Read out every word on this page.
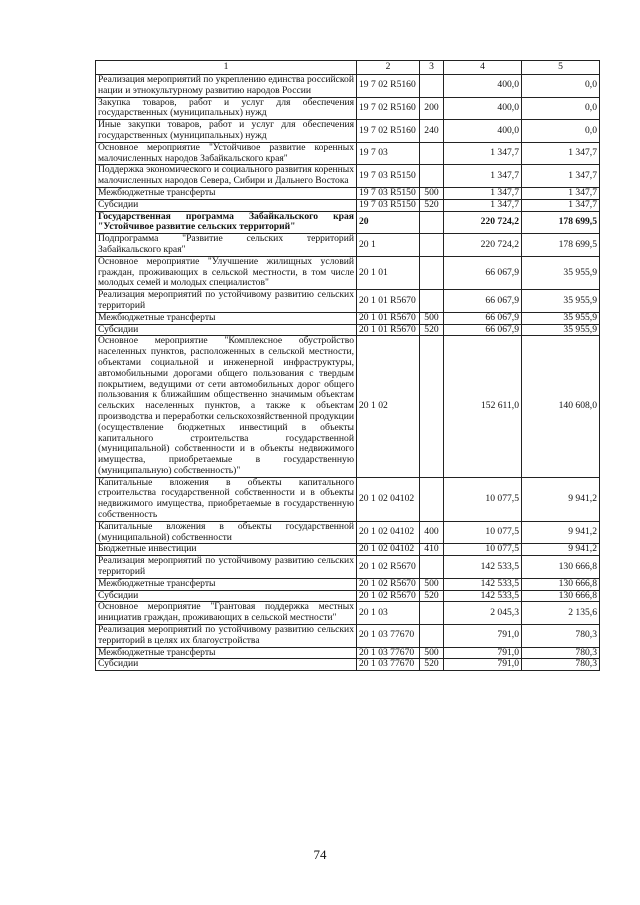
1	2	3	4	5
Реализация мероприятий по укреплению единства российской нации и этнокультурному развитию народов России	19 7 02 R5160		400,0	0,0
Закупка товаров, работ и услуг для обеспечения государственных (муниципальных) нужд	19 7 02 R5160	200	400,0	0,0
Иные закупки товаров, работ и услуг для обеспечения государственных (муниципальных) нужд	19 7 02 R5160	240	400,0	0,0
Основное мероприятие "Устойчивое развитие коренных малочисленных народов Забайкальского края"	19 7 03		1 347,7	1 347,7
Поддержка экономического и социального развития коренных малочисленных народов Севера, Сибири и Дальнего Востока	19 7 03 R5150		1 347,7	1 347,7
Межбюджетные трансферты	19 7 03 R5150	500	1 347,7	1 347,7
Субсидии	19 7 03 R5150	520	1 347,7	1 347,7
Государственная программа Забайкальского края "Устойчивое развитие сельских территорий"	20		220 724,2	178 699,5
Подпрограмма "Развитие сельских территорий Забайкальского края"	20 1		220 724,2	178 699,5
Основное мероприятие "Улучшение жилищных условий граждан, проживающих в сельской местности, в том числе молодых семей и молодых специалистов"	20 1 01		66 067,9	35 955,9
Реализация мероприятий по устойчивому развитию сельских территорий	20 1 01 R5670		66 067,9	35 955,9
Межбюджетные трансферты	20 1 01 R5670	500	66 067,9	35 955,9
Субсидии	20 1 01 R5670	520	66 067,9	35 955,9
Основное мероприятие "Комплексное обустройство населенных пунктов, расположенных в сельской местности, объектами социальной и инженерной инфраструктуры, автомобильными дорогами общего пользования с твердым покрытием, ведущими от сети автомобильных дорог общего пользования к ближайшим общественно значимым объектам сельских населенных пунктов, а также к объектам производства и переработки сельскохозяйственной продукции (осуществление бюджетных инвестиций в объекты капитального строительства государственной (муниципальной) собственности и в объекты недвижимого имущества, приобретаемые в государственную (муниципальную) собственность)"	20 1 02		152 611,0	140 608,0
Капитальные вложения в объекты капитального строительства государственной собственности и в объекты недвижимого имущества, приобретаемые в государственную собственность	20 1 02 04102		10 077,5	9 941,2
Капитальные вложения в объекты государственной (муниципальной) собственности	20 1 02 04102	400	10 077,5	9 941,2
Бюджетные инвестиции	20 1 02 04102	410	10 077,5	9 941,2
Реализация мероприятий по устойчивому развитию сельских территорий	20 1 02 R5670		142 533,5	130 666,8
Межбюджетные трансферты	20 1 02 R5670	500	142 533,5	130 666,8
Субсидии	20 1 02 R5670	520	142 533,5	130 666,8
Основное мероприятие "Грантовая поддержка местных инициатив граждан, проживающих в сельской местности"	20 1 03		2 045,3	2 135,6
Реализация мероприятий по устойчивому развитию сельских территорий в целях их благоустройства	20 1 03 77670		791,0	780,3
Межбюджетные трансферты	20 1 03 77670	500	791,0	780,3
Субсидии	20 1 03 77670	520	791,0	780,3
74
